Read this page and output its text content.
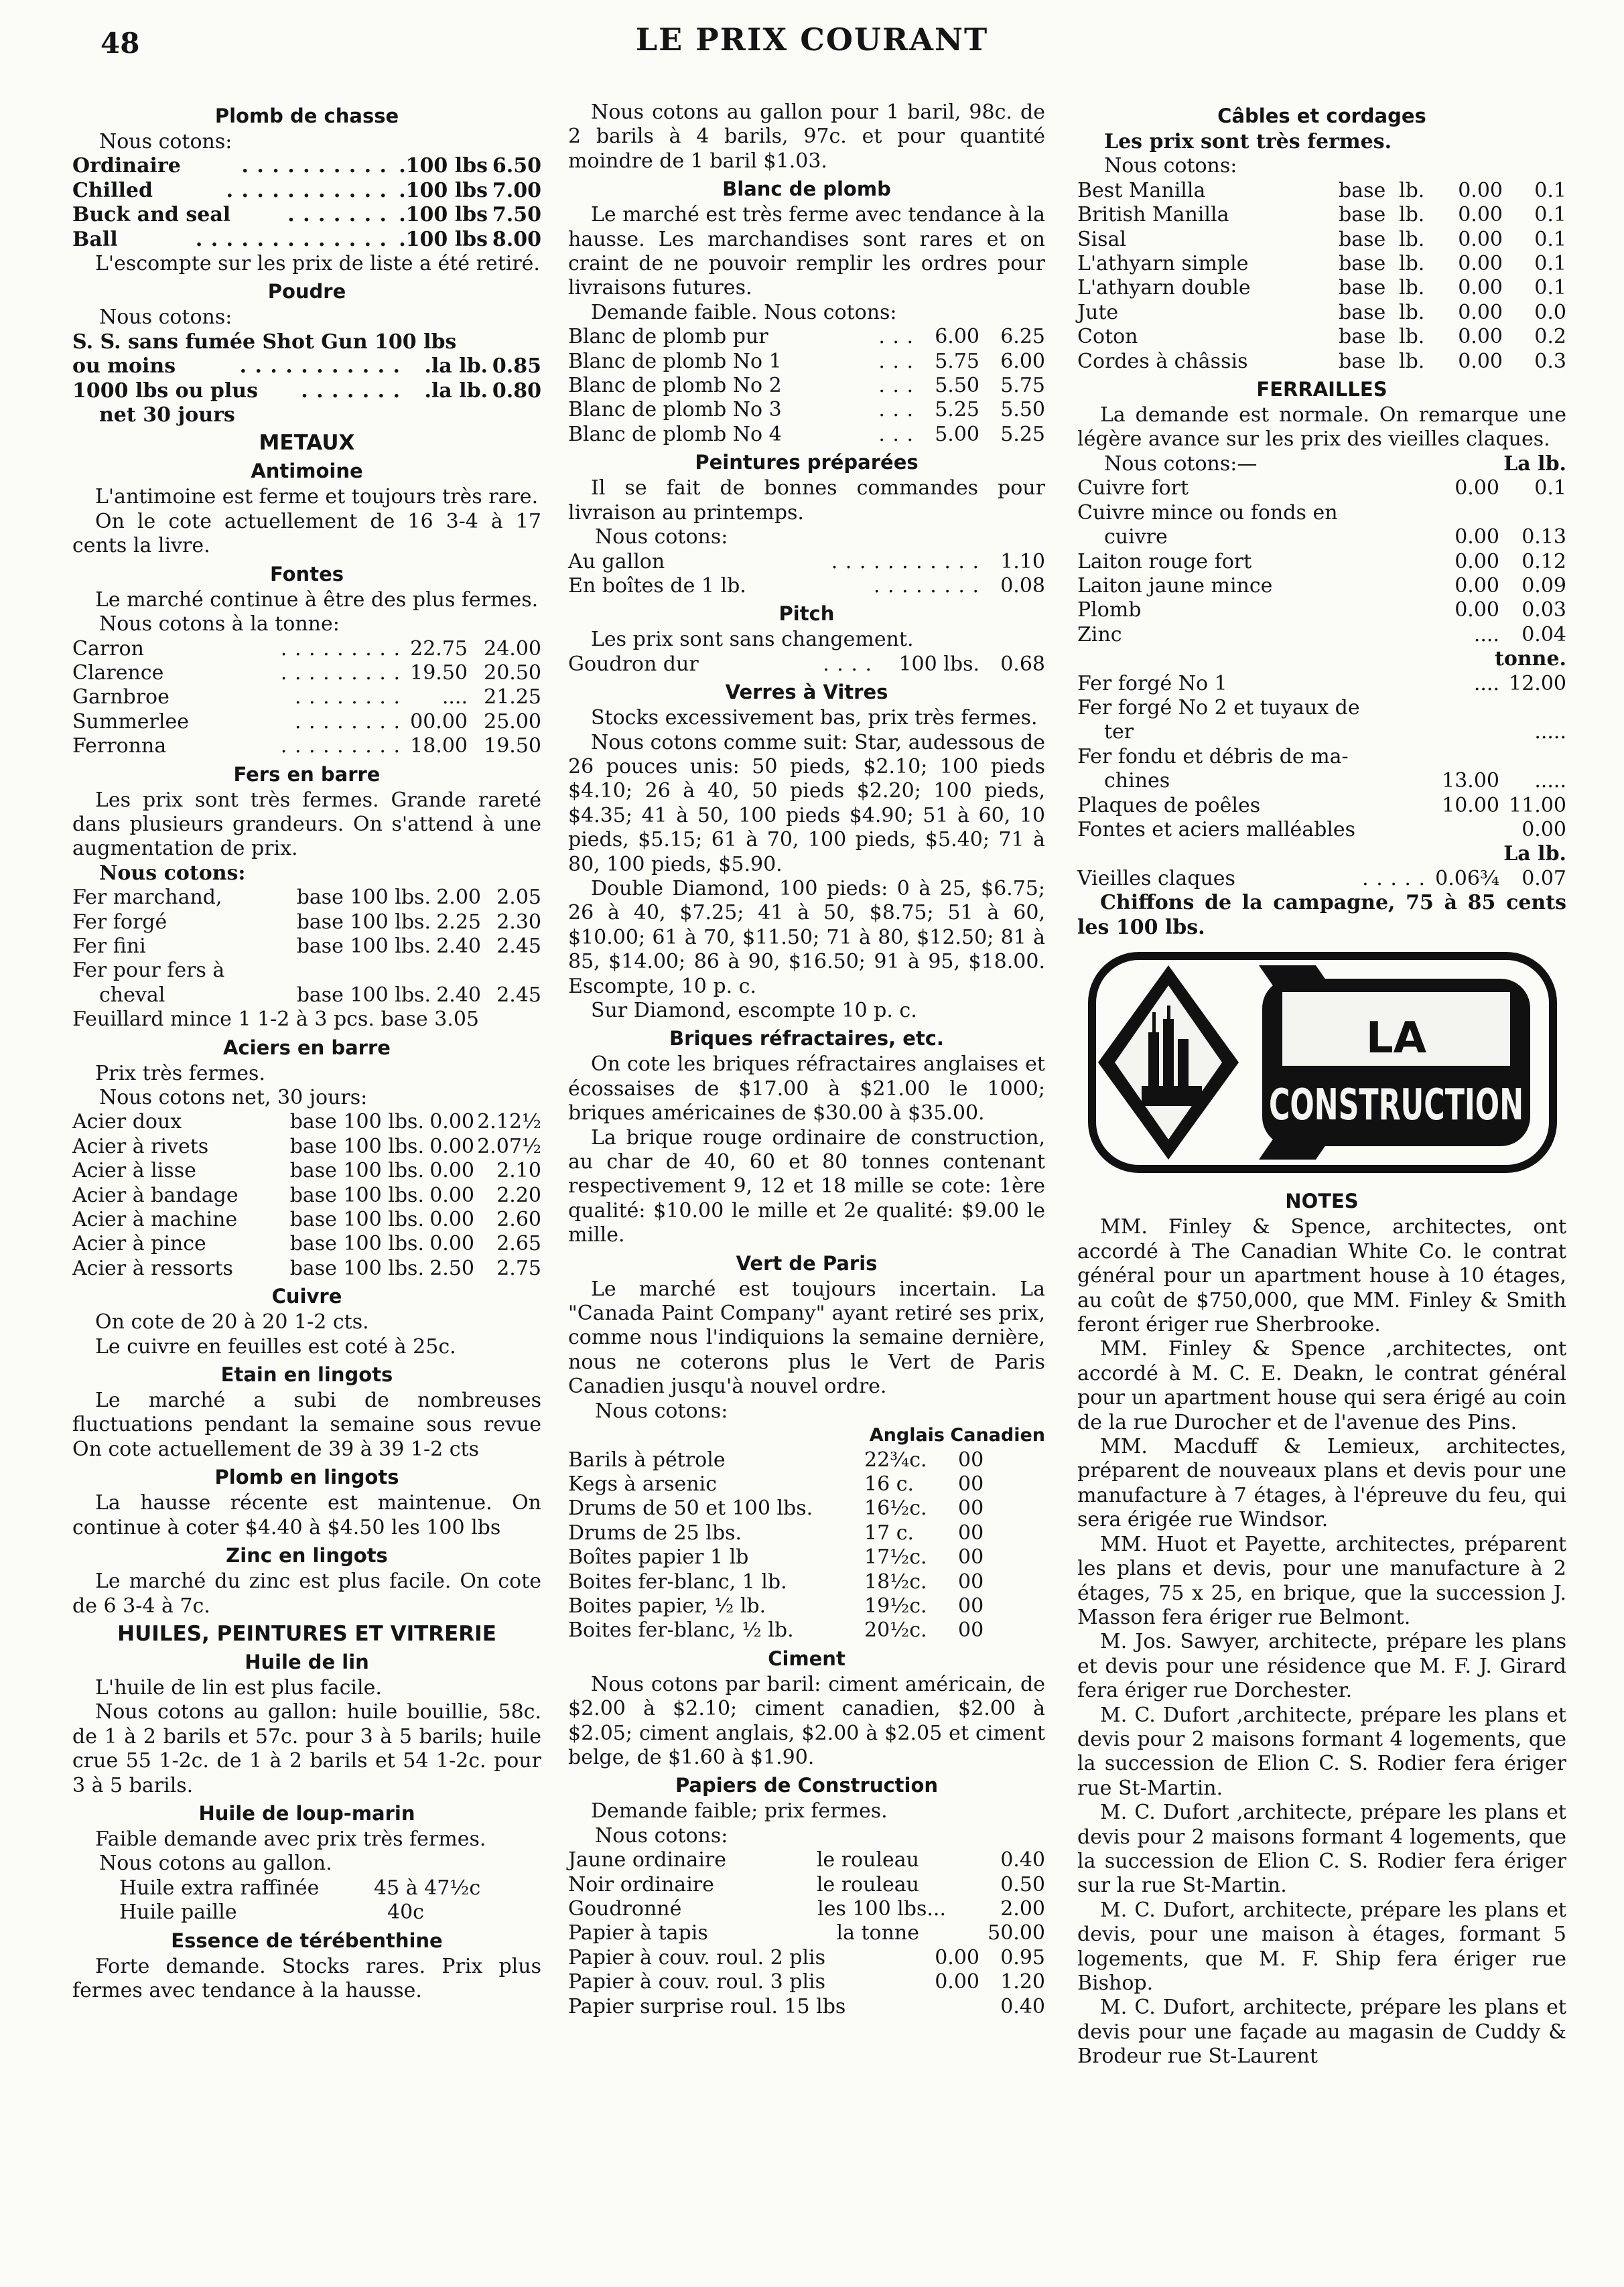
48	LE PRIX COURANT
Plomb de chasse
Nous cotons:
Ordinaire	. . . . . . . . . . .100 lbs 6.50
Chilled	. . . . . . . . . . . .100 lbs 7.00
Buck and seal	. . . . . . . .100 lbs 7.50
Ball	. . . . . . . . . . . . . .100 lbs 8.00
L'escompte sur les prix de liste a été retiré.
Poudre
Nous cotons:
S. S. sans fumée Shot Gun 100 lbs
ou moins	. . . . . . . . . . .	.la lb. 0.85
1000 lbs ou plus	. . . . . . .	.la lb. 0.80
net 30 jours
METAUX
Antimoine
L'antimoine est ferme et toujours très rare.
On le cote actuellement de 16 3-4 à 17 cents la livre.
Fontes
Le marché continue à être des plus fermes.
Nous cotons à la tonne:
Carron	. . . . . . . . . 22.75 24.00
Clarence	. . . . . . . . . 19.50 20.50
Garnbroe	. . . . . . . .	.... 21.25
Summerlee	. . . . . . . . 00.00 25.00
Ferronna	. . . . . . . . . 18.00 19.50
Fers en barre
Les prix sont très fermes. Grande rareté dans plusieurs grandeurs. On s'attend à une augmentation de prix.
Nous cotons:
Fer marchand,	base 100 lbs. 2.00 2.05
Fer forgé	base 100 lbs. 2.25 2.30
Fer fini	base 100 lbs. 2.40 2.45
Fer pour fers à
cheval	base 100 lbs. 2.40 2.45
Feuillard mince 1 1-2 à 3 pcs. base 3.05
Aciers en barre
Prix très fermes.
Nous cotons net, 30 jours:
Acier doux	base 100 lbs. 0.00 2.12½
Acier à rivets	base 100 lbs. 0.00 2.07½
Acier à lisse	base 100 lbs. 0.00	2.10
Acier à bandage	base 100 lbs. 0.00	2.20
Acier à machine	base 100 lbs. 0.00	2.60
Acier à pince	base 100 lbs. 0.00	2.65
Acier à ressorts	base 100 lbs. 2.50	2.75
Cuivre
On cote de 20 à 20 1-2 cts.
Le cuivre en feuilles est coté à 25c.
Etain en lingots
Le marché a subi de nombreuses fluctuations pendant la semaine sous revue On cote actuellement de 39 à 39 1-2 cts
Plomb en lingots
La hausse récente est maintenue. On continue à coter $4.40 à $4.50 les 100 lbs
Zinc en lingots
Le marché du zinc est plus facile. On cote de 6 3-4 à 7c.
HUILES, PEINTURES ET VITRERIE
Huile de lin
L'huile de lin est plus facile.
Nous cotons au gallon: huile bouillie, 58c. de 1 à 2 barils et 57c. pour 3 à 5 barils; huile crue 55 1-2c. de 1 à 2 barils et 54 1-2c. pour 3 à 5 barils.
Huile de loup-marin
Faible demande avec prix très fermes.
Nous cotons au gallon.
Huile extra raffinée	45 à 47½c
Huile paille	40c
Essence de térébenthine
Forte demande. Stocks rares. Prix plus fermes avec tendance à la hausse.
Nous cotons au gallon pour 1 baril, 98c. de 2 barils à 4 barils, 97c. et pour quantité moindre de 1 baril $1.03.
Blanc de plomb
Le marché est très ferme avec tendance à la hausse. Les marchandises sont rares et on craint de ne pouvoir remplir les ordres pour livraisons futures.
Demande faible. Nous cotons:
Blanc de plomb pur	. . .	6.00	6.25
Blanc de plomb No 1	. . .	5.75	6.00
Blanc de plomb No 2	. . .	5.50	5.75
Blanc de plomb No 3	. . .	5.25	5.50
Blanc de plomb No 4	. . .	5.00	5.25
Peintures préparées
Il se fait de bonnes commandes pour livraison au printemps.
Nous cotons:
Au gallon	. . . . . . . . . . .	1.10
En boîtes de 1 lb.	. . . . . . . .	0.08
Pitch
Les prix sont sans changement.
Goudron dur	. . . .	100 lbs.	0.68
Verres à Vitres
Stocks excessivement bas, prix très fermes.
Nous cotons comme suit: Star, audessous de 26 pouces unis: 50 pieds, $2.10; 100 pieds $4.10; 26 à 40, 50 pieds $2.20; 100 pieds, $4.35; 41 à 50, 100 pieds $4.90; 51 à 60, 10 pieds, $5.15; 61 à 70, 100 pieds, $5.40; 71 à 80, 100 pieds, $5.90.
Double Diamond, 100 pieds: 0 à 25, $6.75; 26 à 40, $7.25; 41 à 50, $8.75; 51 à 60, $10.00; 61 à 70, $11.50; 71 à 80, $12.50; 81 à 85, $14.00; 86 à 90, $16.50; 91 à 95, $18.00. Escompte, 10 p. c.
Sur Diamond, escompte 10 p. c.
Briques réfractaires, etc.
On cote les briques réfractaires anglaises et écossaises de $17.00 à $21.00 le 1000; briques américaines de $30.00 à $35.00.
La brique rouge ordinaire de construction, au char de 40, 60 et 80 tonnes contenant respectivement 9, 12 et 18 mille se cote: 1ère qualité: $10.00 le mille et 2e qualité: $9.00 le mille.
Vert de Paris
Le marché est toujours incertain. La "Canada Paint Company" ayant retiré ses prix, comme nous l'indiquions la semaine dernière, nous ne coterons plus le Vert de Paris Canadien jusqu'à nouvel ordre.
Nous cotons:
Anglais Canadien
Barils à pétrole	22¾c.	00
Kegs à arsenic	16 c.	00
Drums de 50 et 100 lbs.	16½c.	00
Drums de 25 lbs.	17 c.	00
Boîtes papier 1 lb	17½c.	00
Boites fer-blanc, 1 lb.	18½c.	00
Boites papier, ½ lb.	19½c.	00
Boites fer-blanc, ½ lb.	20½c.	00
Ciment
Nous cotons par baril: ciment américain, de $2.00 à $2.10; ciment canadien, $2.00 à $2.05; ciment anglais, $2.00 à $2.05 et ciment belge, de $1.60 à $1.90.
Papiers de Construction
Demande faible; prix fermes.
Nous cotons:
Jaune ordinaire	le rouleau	0.40
Noir ordinaire	le rouleau	0.50
Goudronné	les 100 lbs...	2.00
Papier à tapis	la tonne	50.00
Papier à couv. roul. 2 plis	0.00	0.95
Papier à couv. roul. 3 plis	0.00	1.20
Papier surprise roul. 15 lbs	0.40
Câbles et cordages
Les prix sont très fermes.
Nous cotons:
Best Manilla	base lb.	0.00	0.1
British Manilla	base lb.	0.00	0.1
Sisal	base lb.	0.00	0.1
L'athyarn simple	base lb.	0.00	0.1
L'athyarn double	base lb.	0.00	0.1
Jute	base lb.	0.00	0.0
Coton	base lb.	0.00	0.2
Cordes à châssis	base lb.	0.00	0.3
FERRAILLES
La demande est normale. On remarque une légère avance sur les prix des vieilles claques.
Nous cotons:—	La lb.
Cuivre fort	0.00	0.1
Cuivre mince ou fonds en
cuivre	0.00	0.13
Laiton rouge fort	0.00	0.12
Laiton jaune mince	0.00	0.09
Plomb	0.00	0.03
Zinc	....	0.04
tonne.
Fer forgé No 1	.... 12.00
Fer forgé No 2 et tuyaux de
ter	.....
Fer fondu et débris de ma-
chines	13.00	.....
Plaques de poêles	10.00 11.00
Fontes et aciers malléables	0.00
La lb.
Vieilles claques	. . . . . 0.06¾	0.07
Chiffons de la campagne, 75 à 85 cents les 100 lbs.
LA
CONSTRUCTION
NOTES
MM. Finley & Spence, architectes, ont accordé à The Canadian White Co. le contrat général pour un apartment house à 10 étages, au coût de $750,000, que MM. Finley & Smith feront ériger rue Sherbrooke.
MM. Finley & Spence ,architectes, ont accordé à M. C. E. Deakn, le contrat général pour un apartment house qui sera érigé au coin de la rue Durocher et de l'avenue des Pins.
MM. Macduff & Lemieux, architectes, préparent de nouveaux plans et devis pour une manufacture à 7 étages, à l'épreuve du feu, qui sera érigée rue Windsor.
MM. Huot et Payette, architectes, préparent les plans et devis, pour une manufacture à 2 étages, 75 x 25, en brique, que la succession J. Masson fera ériger rue Belmont.
M. Jos. Sawyer, architecte, prépare les plans et devis pour une résidence que M. F. J. Girard fera ériger rue Dorchester.
M. C. Dufort ,architecte, prépare les plans et devis pour 2 maisons formant 4 logements, que la succession de Elion C. S. Rodier fera ériger rue St-Martin.
M. C. Dufort ,architecte, prépare les plans et devis pour 2 maisons formant 4 logements, que la succession de Elion C. S. Rodier fera ériger sur la rue St-Martin.
M. C. Dufort, architecte, prépare les plans et devis, pour une maison à étages, formant 5 logements, que M. F. Ship fera ériger rue Bishop.
M. C. Dufort, architecte, prépare les plans et devis pour une façade au magasin de Cuddy & Brodeur rue St-Laurent
